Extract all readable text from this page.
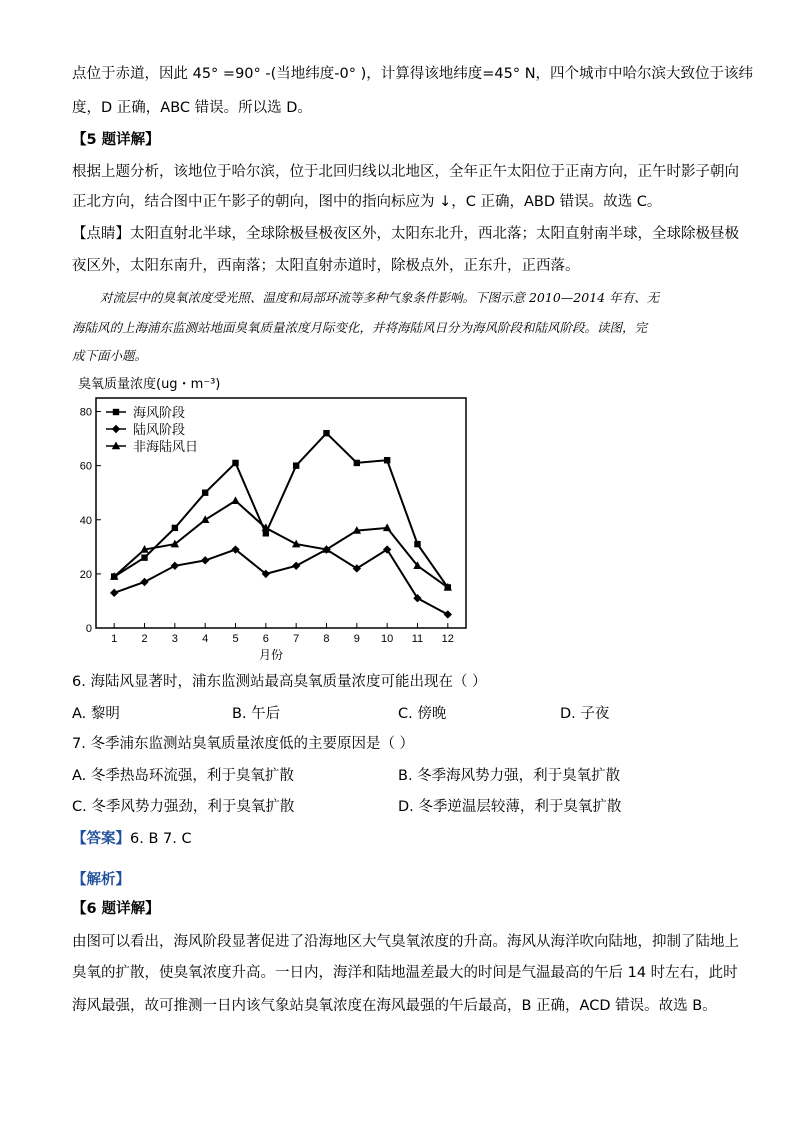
点位于赤道，因此 45° =90° -(当地纬度-0° )，计算得该地纬度=45° N，四个城市中哈尔滨大致位于该纬
度，D 正确，ABC 错误。所以选 D。
【5 题详解】
根据上题分析，该地位于哈尔滨，位于北回归线以北地区，全年正午太阳位于正南方向，正午时影子朝向
正北方向，结合图中正午影子的朝向，图中的指向标应为 ↓，C 正确，ABD 错误。故选 C。
【点睛】太阳直射北半球，全球除极昼极夜区外，太阳东北升，西北落；太阳直射南半球，全球除极昼极
夜区外，太阳东南升，西南落；太阳直射赤道时，除极点外，正东升，正西落。
对流层中的臭氧浓度受光照、温度和局部环流等多种气象条件影响。下图示意 2010—2014 年有、无
海陆风的上海浦东监测站地面臭氧质量浓度月际变化，并将海陆风日分为海风阶段和陆风阶段。读图，完
成下面小题。
臭氧质量浓度(ug・m⁻³)
0
20
40
60
80
1 2 3 4 5 6 7 8 9 10 11 12
月份
海风阶段
陆风阶段
非海陆风日
6. 海陆风显著时，浦东监测站最高臭氧质量浓度可能出现在（ ）
A. 黎明	B. 午后	C. 傍晚	D. 子夜
7. 冬季浦东监测站臭氧质量浓度低的主要原因是（ ）
A. 冬季热岛环流强，利于臭氧扩散	B. 冬季海风势力强，利于臭氧扩散
C. 冬季风势力强劲，利于臭氧扩散	D. 冬季逆温层较薄，利于臭氧扩散
【答案】6. B 7. C
【解析】
【6 题详解】
由图可以看出，海风阶段显著促进了沿海地区大气臭氧浓度的升高。海风从海洋吹向陆地，抑制了陆地上
臭氧的扩散，使臭氧浓度升高。一日内，海洋和陆地温差最大的时间是气温最高的午后 14 时左右，此时
海风最强，故可推测一日内该气象站臭氧浓度在海风最强的午后最高，B 正确，ACD 错误。故选 B。
